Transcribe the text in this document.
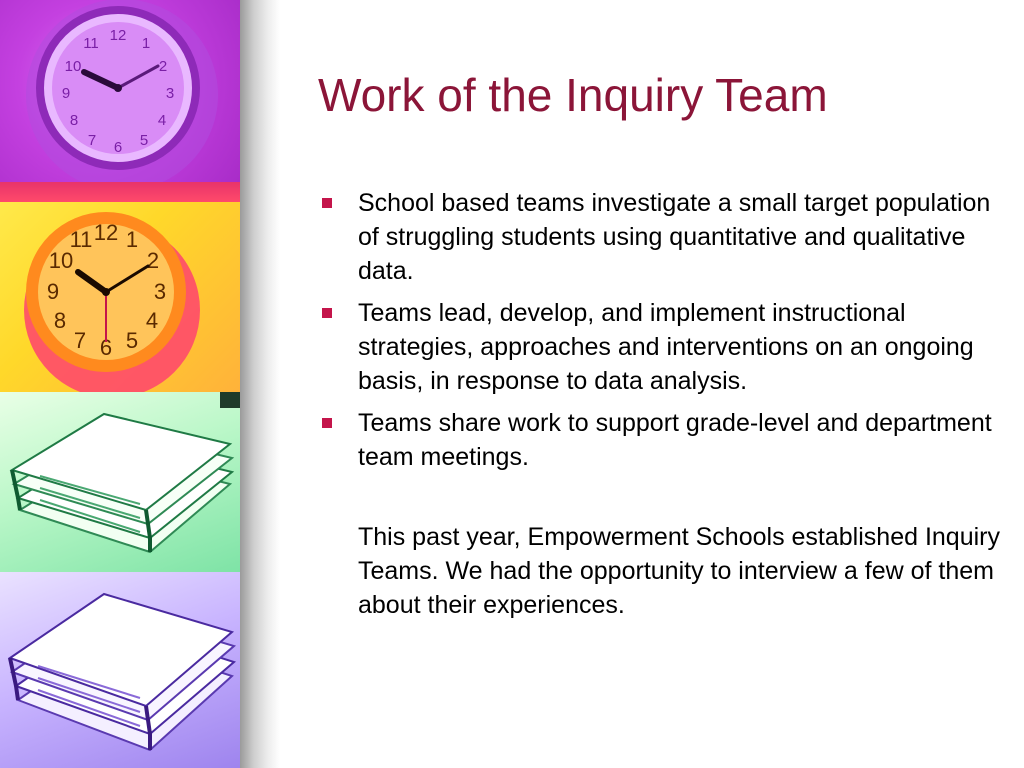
12 1
2
3
4
5
6
7
8
9
10
11
12 1
2
3
4
5
6
7
8
9
10
11
Work of the Inquiry Team
School based teams investigate a small target population of struggling students using quantitative and qualitative data.
Teams lead, develop, and implement instructional strategies, approaches and interventions on an ongoing basis, in response to data analysis.
Teams share work to support grade-level and department team meetings.

This past year, Empowerment Schools established Inquiry Teams. We had the opportunity to interview a few of them about their experiences.
